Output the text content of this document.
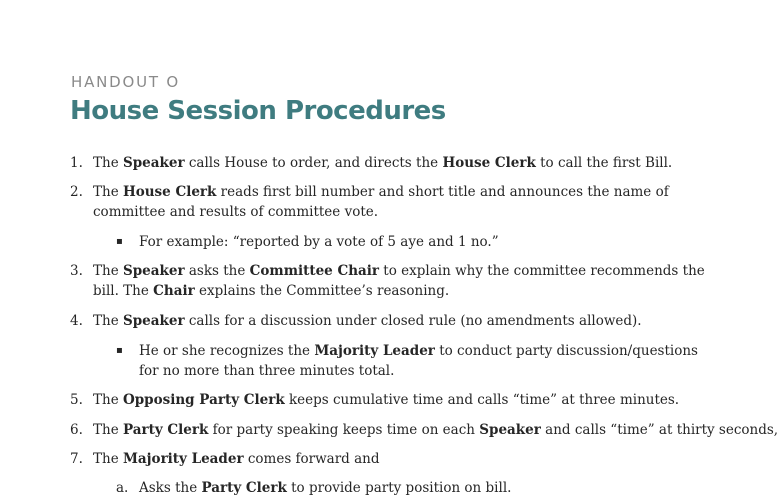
HANDOUT O

House Session Procedures
1. The Speaker calls House to order, and directs the House Clerk to call the first Bill.
2. The House Clerk reads first bill number and short title and announces the name of committee and results of committee vote.
▪ For example: “reported by a vote of 5 aye and 1 no.”
3. The Speaker asks the Committee Chair to explain why the committee recommends the bill. The Chair explains the Committee’s reasoning.
4. The Speaker calls for a discussion under closed rule (no amendments allowed).
▪ He or she recognizes the Majority Leader to conduct party discussion/questions for no more than three minutes total.
5. The Opposing Party Clerk keeps cumulative time and calls “time” at three minutes.
6. The Party Clerk for party speaking keeps time on each Speaker and calls “time” at thirty seconds,
7. The Majority Leader comes forward and
a. Asks the Party Clerk to provide party position on bill.
